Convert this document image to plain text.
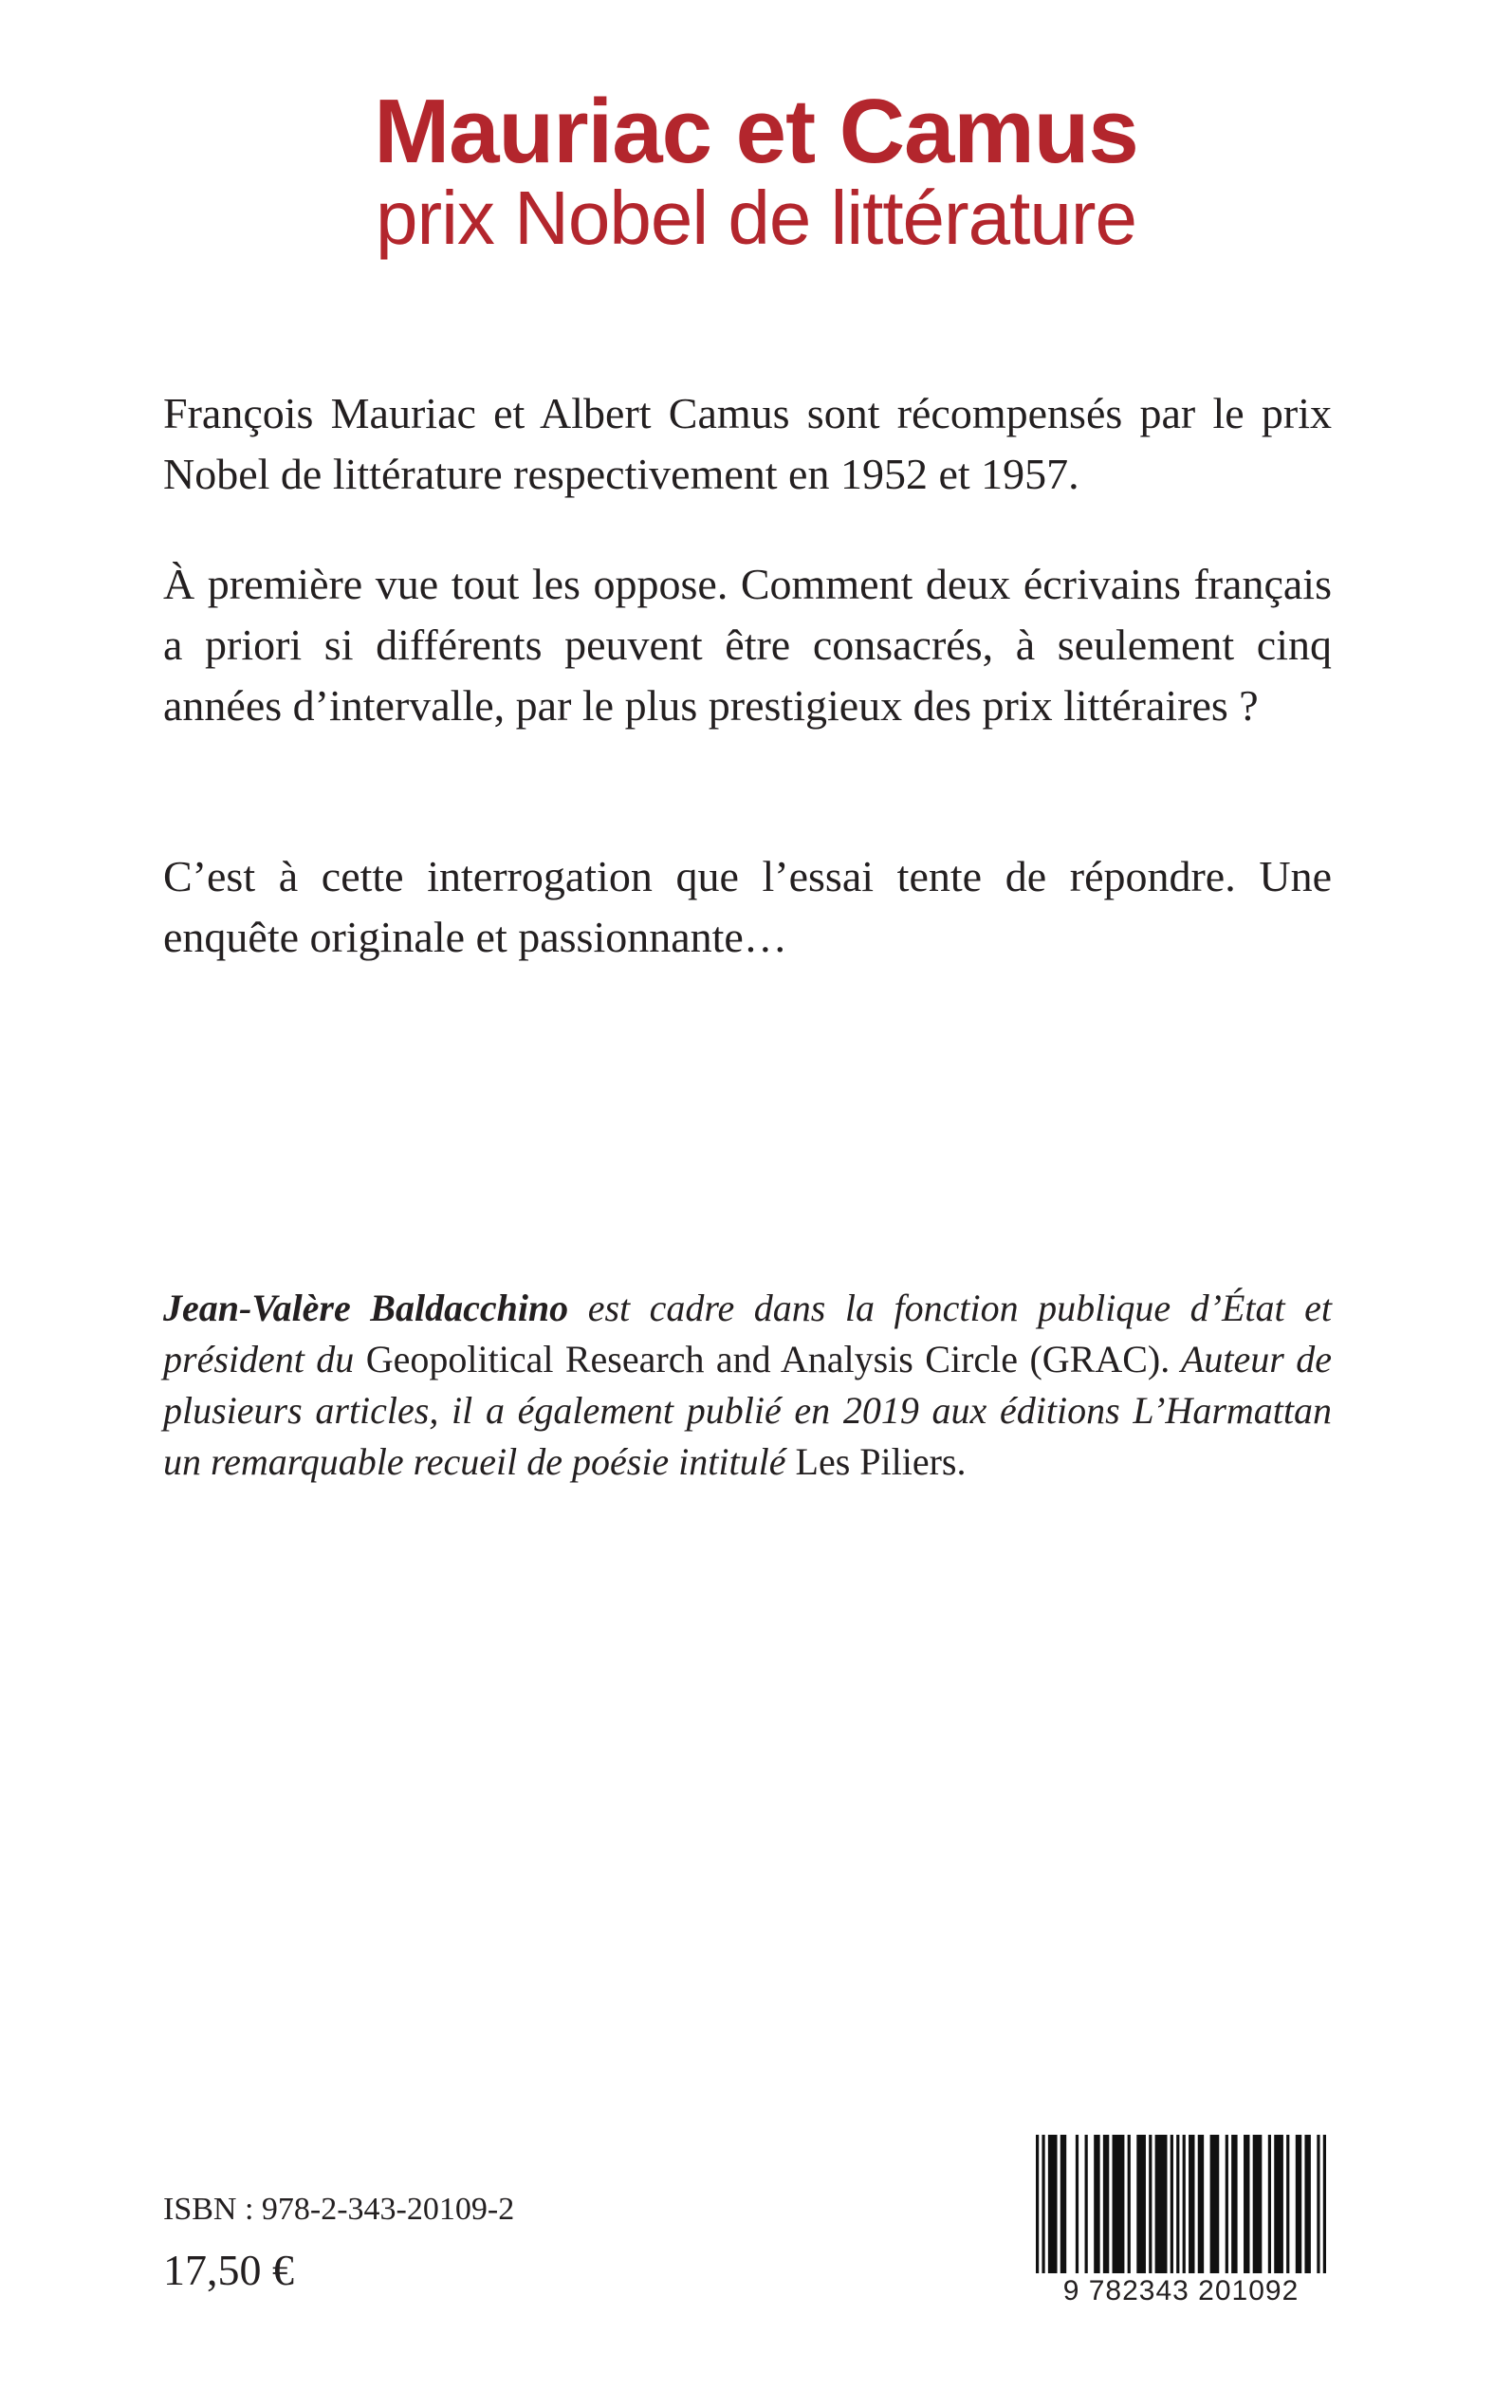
Mauriac et Camus
prix Nobel de littérature

François Mauriac et Albert Camus sont récompensés par le prix Nobel de littérature respectivement en 1952 et 1957.

À première vue tout les oppose. Comment deux écrivains français a priori si différents peuvent être consacrés, à seulement cinq années d’intervalle, par le plus prestigieux des prix littéraires ?

C’est à cette interrogation que l’essai tente de répondre. Une enquête originale et passionnante…

Jean-Valère Baldacchino est cadre dans la fonction publique d’État et président du Geopolitical Research and Analysis Circle (GRAC). Auteur de plusieurs articles, il a également publié en 2019 aux éditions L’Harmattan un remarquable recueil de poésie intitulé Les Piliers.

ISBN : 978-2-343-20109-2

17,50 €	9 782343 201092
